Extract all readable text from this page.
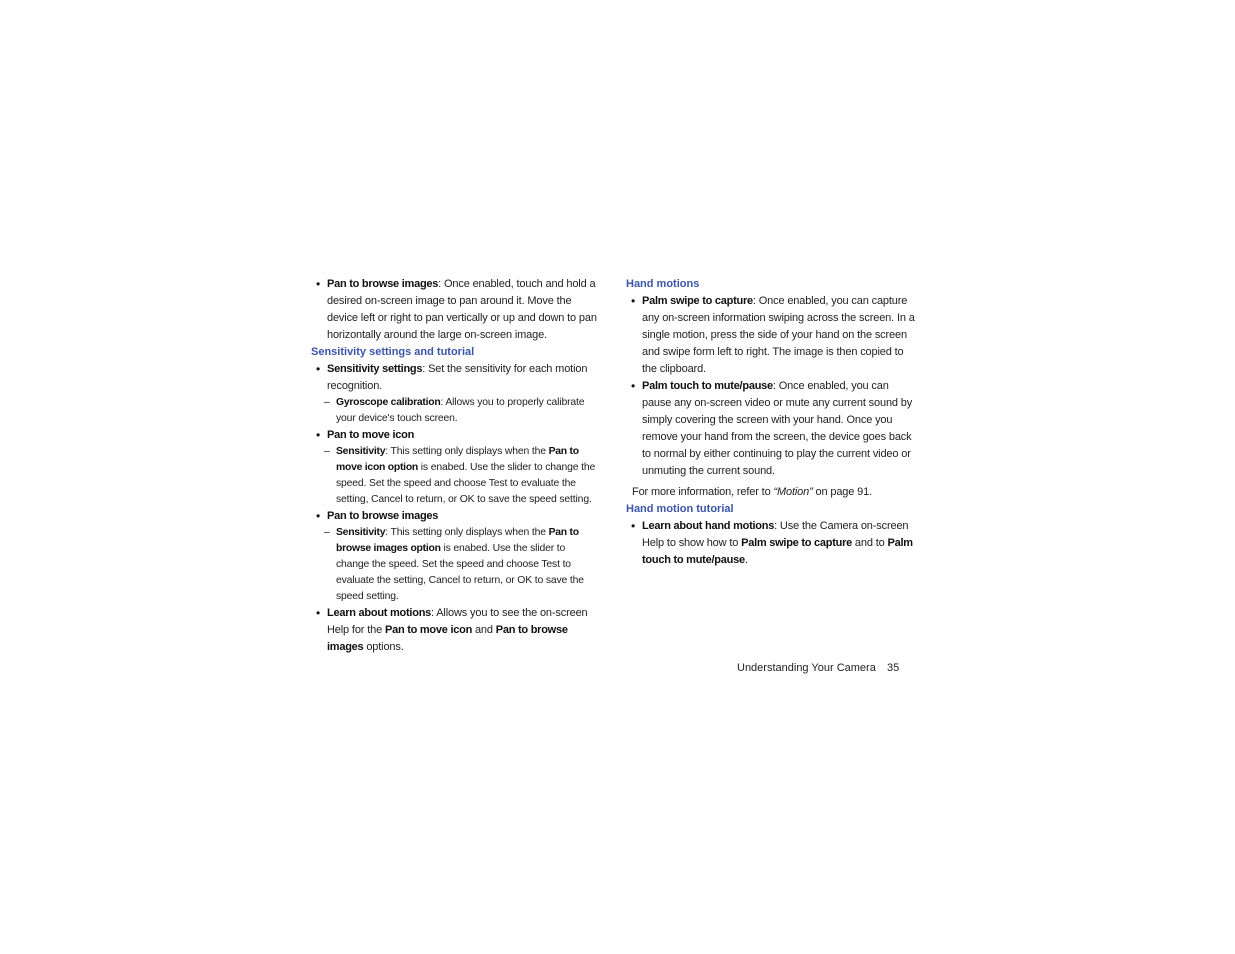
• Pan to browse images: Once enabled, touch and hold a desired on-screen image to pan around it. Move the device left or right to pan vertically or up and down to pan horizontally around the large on-screen image.
Sensitivity settings and tutorial
• Sensitivity settings: Set the sensitivity for each motion recognition.
– Gyroscope calibration: Allows you to properly calibrate your device's touch screen.
• Pan to move icon
– Sensitivity: This setting only displays when the Pan to move icon option is enabed. Use the slider to change the speed. Set the speed and choose Test to evaluate the setting, Cancel to return, or OK to save the speed setting.
• Pan to browse images
– Sensitivity: This setting only displays when the Pan to browse images option is enabed. Use the slider to change the speed. Set the speed and choose Test to evaluate the setting, Cancel to return, or OK to save the speed setting.
• Learn about motions: Allows you to see the on-screen Help for the Pan to move icon and Pan to browse images options.
Hand motions
• Palm swipe to capture: Once enabled, you can capture any on-screen information swiping across the screen. In a single motion, press the side of your hand on the screen and swipe form left to right. The image is then copied to the clipboard.
• Palm touch to mute/pause: Once enabled, you can pause any on-screen video or mute any current sound by simply covering the screen with your hand. Once you remove your hand from the screen, the device goes back to normal by either continuing to play the current video or unmuting the current sound.
For more information, refer to “Motion” on page 91.
Hand motion tutorial
• Learn about hand motions: Use the Camera on-screen Help to show how to Palm swipe to capture and to Palm touch to mute/pause.
Understanding Your Camera 35
